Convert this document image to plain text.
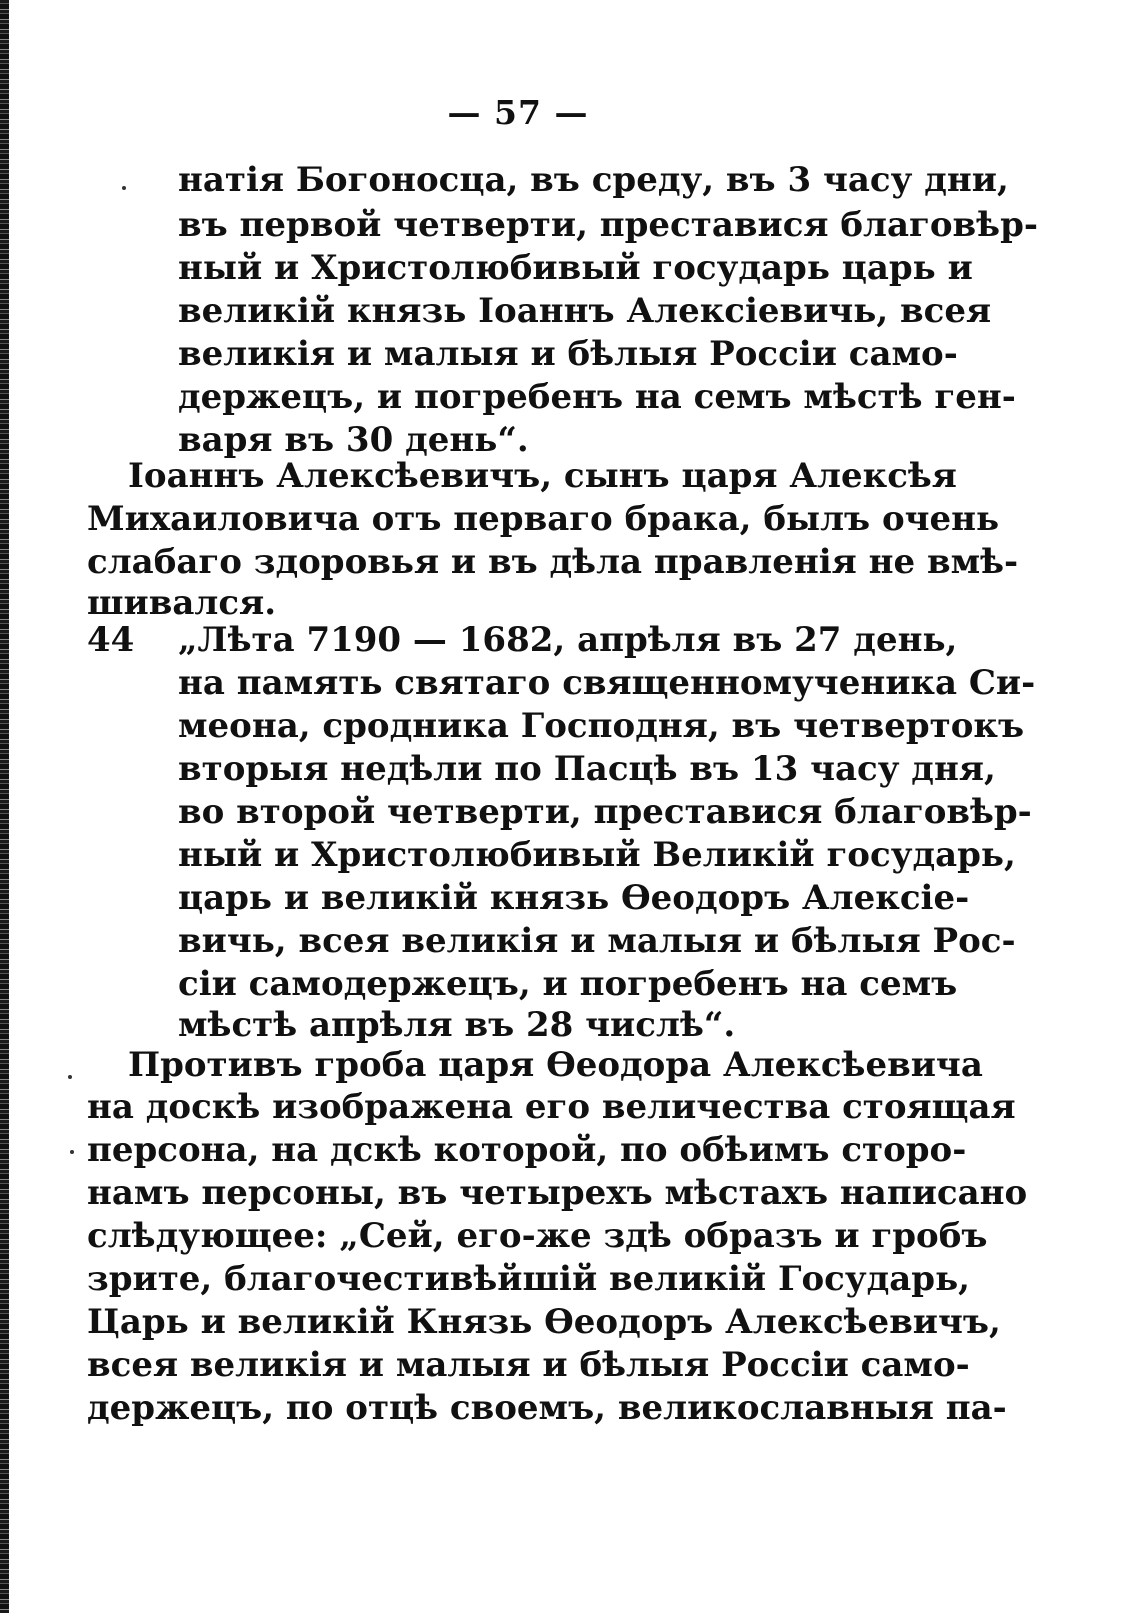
— 57 —
натія Богоносца, въ среду, въ 3 часу дни,
въ первой четверти, преставися благовѣр-
ный и Христолюбивый государь царь и
великій князь Іоаннъ Алексіевичь, всея
великія и малыя и бѣлыя Россіи само-
держецъ, и погребенъ на семъ мѣстѣ ген-
варя въ 30 день“.
Іоаннъ Алексѣевичъ, сынъ царя Алексѣя
Михаиловича отъ перваго брака, былъ очень
слабаго здоровья и въ дѣла правленія не вмѣ-
шивался.
44 „Лѣта 7190 — 1682, апрѣля въ 27 день,
на память святаго священномученика Си-
меона, сродника Господня, въ четвертокъ
вторыя недѣли по Пасцѣ въ 13 часу дня,
во второй четверти, преставися благовѣр-
ный и Христолюбивый Великій государь,
царь и великій князь Ѳеодоръ Алексіе-
вичь, всея великія и малыя и бѣлыя Рос-
сіи самодержецъ, и погребенъ на семъ
мѣстѣ апрѣля въ 28 числѣ“.
Противъ гроба царя Ѳеодора Алексѣевича
на доскѣ изображена его величества стоящая
персона, на дскѣ которой, по обѣимъ сторо-
намъ персоны, въ четырехъ мѣстахъ написано
слѣдующее: „Сей, его-же здѣ образъ и гробъ
зрите, благочестивѣйшій великій Государь,
Царь и великій Князь Ѳеодоръ Алексѣевичъ,
всея великія и малыя и бѣлыя Россіи само-
держецъ, по отцѣ своемъ, великославныя па-
